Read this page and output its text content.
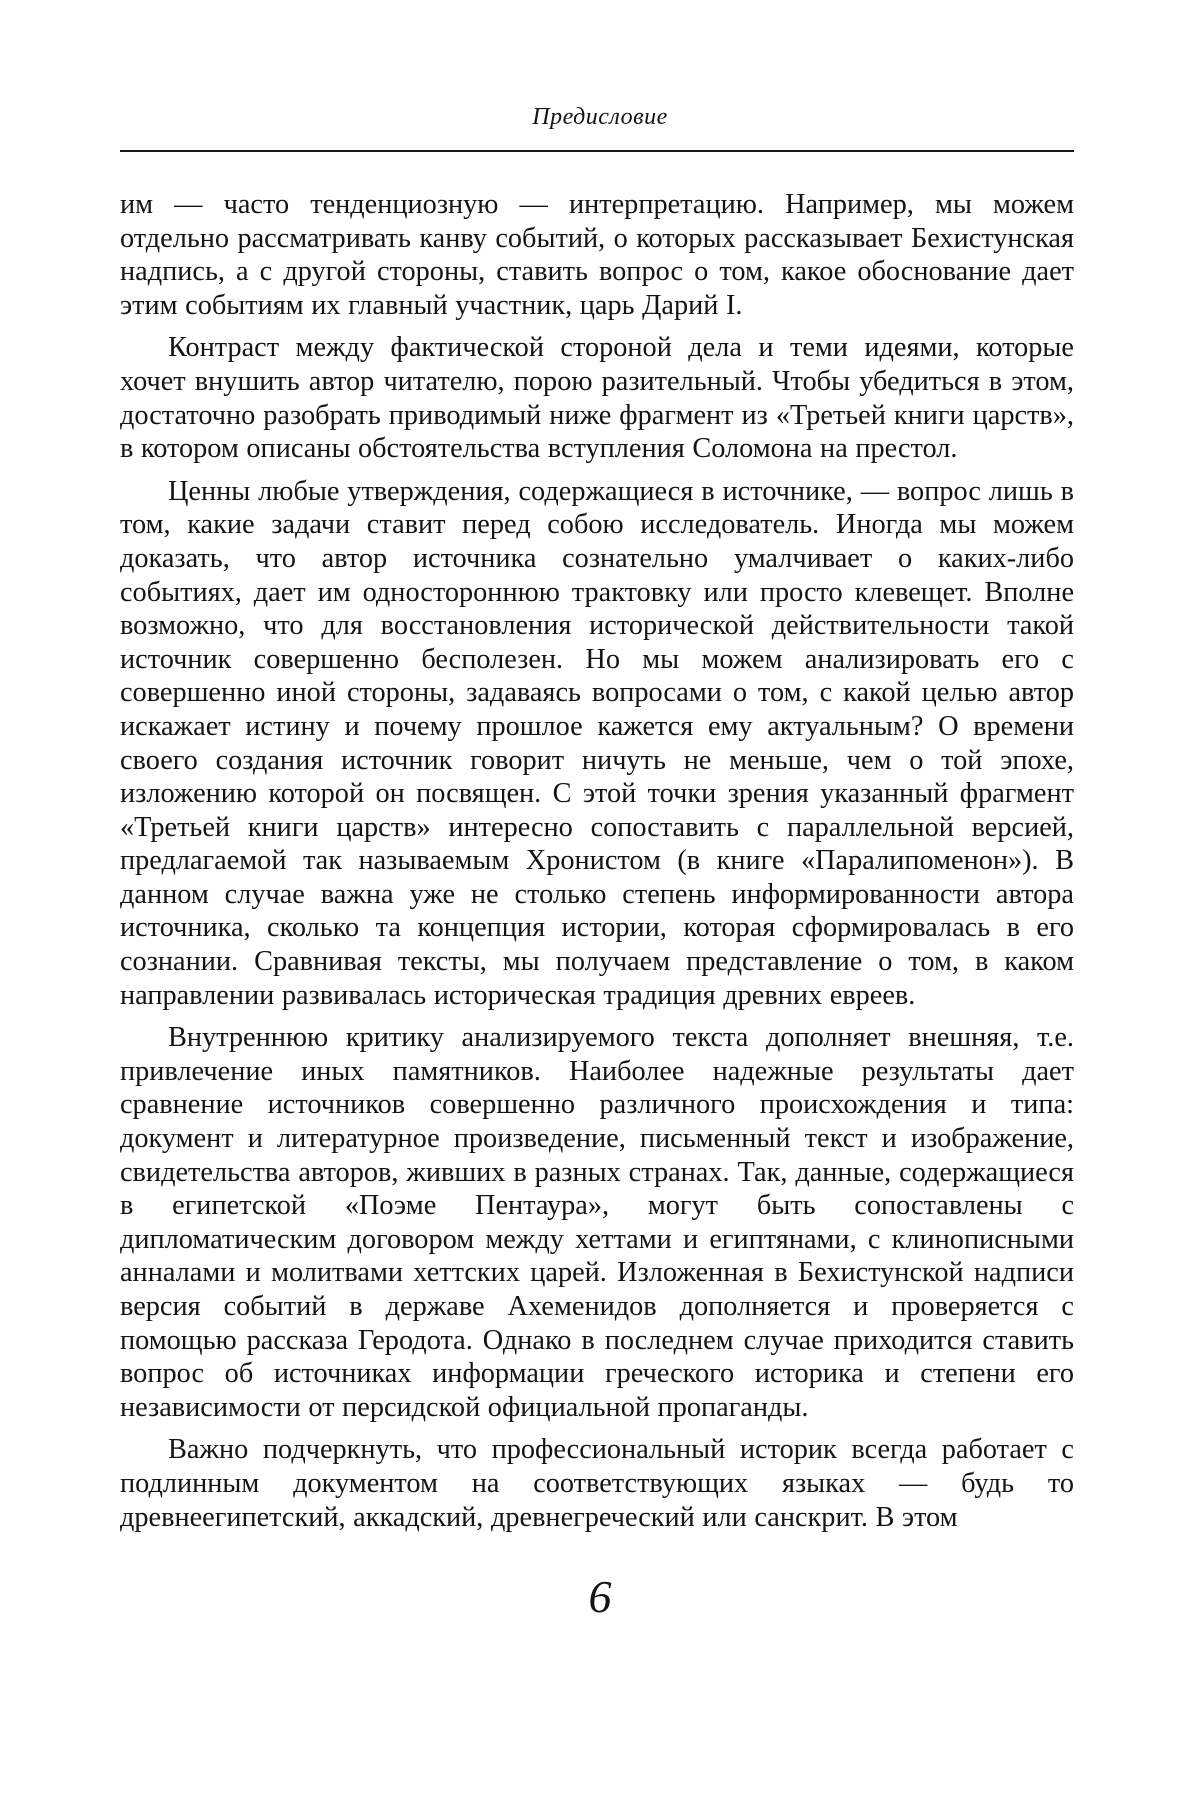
Предисловие

им — часто тенденциозную — интерпретацию. Например, мы можем отдельно рассматривать канву событий, о которых рассказывает Бехистунская надпись, а с другой стороны, ставить вопрос о том, какое обоснование дает этим событиям их главный участник, царь Дарий I.

Контраст между фактической стороной дела и теми идеями, которые хочет внушить автор читателю, порою разительный. Чтобы убедиться в этом, достаточно разобрать приводимый ниже фрагмент из «Третьей книги царств», в котором описаны обстоятельства вступления Соломона на престол.

Ценны любые утверждения, содержащиеся в источнике, — вопрос лишь в том, какие задачи ставит перед собою исследователь. Иногда мы можем доказать, что автор источника сознательно умалчивает о каких-либо событиях, дает им одностороннюю трактовку или просто клевещет. Вполне возможно, что для восстановления исторической действительности такой источник совершенно бесполезен. Но мы можем анализировать его с совершенно иной стороны, задаваясь вопросами о том, с какой целью автор искажает истину и почему прошлое кажется ему актуальным? О времени своего создания источник говорит ничуть не меньше, чем о той эпохе, изложению которой он посвящен. С этой точки зрения указанный фрагмент «Третьей книги царств» интересно сопоставить с параллельной версией, предлагаемой так называемым Хронистом (в книге «Паралипоменон»). В данном случае важна уже не столько степень информированности автора источника, сколько та концепция истории, которая сформировалась в его сознании. Сравнивая тексты, мы получаем представление о том, в каком направлении развивалась историческая традиция древних евреев.

Внутреннюю критику анализируемого текста дополняет внешняя, т.е. привлечение иных памятников. Наиболее надежные результаты дает сравнение источников совершенно различного происхождения и типа: документ и литературное произведение, письменный текст и изображение, свидетельства авторов, живших в разных странах. Так, данные, содержащиеся в египетской «Поэме Пентаура», могут быть сопоставлены с дипломатическим договором между хеттами и египтянами, с клинописными анналами и молитвами хеттских царей. Изложенная в Бехистунской надписи версия событий в державе Ахеменидов дополняется и проверяется с помощью рассказа Геродота. Однако в последнем случае приходится ставить вопрос об источниках информации греческого историка и степени его независимости от персидской официальной пропаганды.

Важно подчеркнуть, что профессиональный историк всегда работает с подлинным документом на соответствующих языках — будь то древнеегипетский, аккадский, древнегреческий или санскрит. В этом

6
